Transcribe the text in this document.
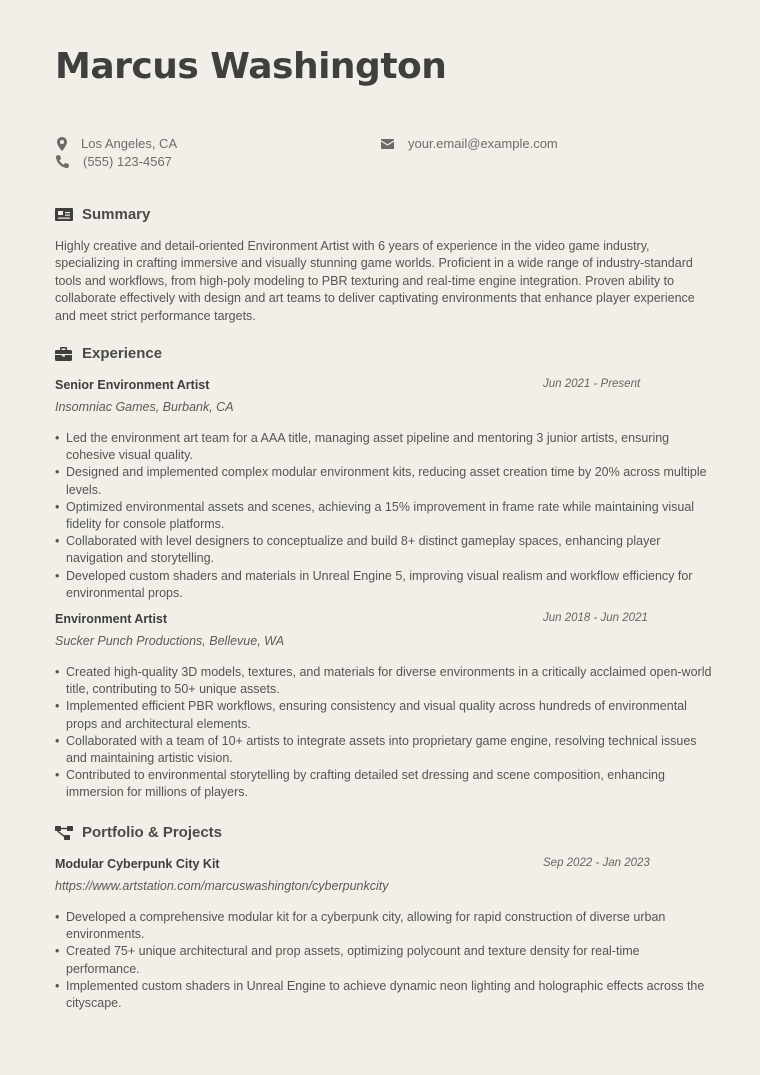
Marcus Washington
Los Angeles, CA
(555) 123-4567
your.email@example.com
Summary
Highly creative and detail-oriented Environment Artist with 6 years of experience in the video game industry, specializing in crafting immersive and visually stunning game worlds. Proficient in a wide range of industry-standard tools and workflows, from high-poly modeling to PBR texturing and real-time engine integration. Proven ability to collaborate effectively with design and art teams to deliver captivating environments that enhance player experience and meet strict performance targets.
Experience
Senior Environment Artist	Jun 2021 - Present
Insomniac Games, Burbank, CA
• Led the environment art team for a AAA title, managing asset pipeline and mentoring 3 junior artists, ensuring cohesive visual quality.
• Designed and implemented complex modular environment kits, reducing asset creation time by 20% across multiple levels.
• Optimized environmental assets and scenes, achieving a 15% improvement in frame rate while maintaining visual fidelity for console platforms.
• Collaborated with level designers to conceptualize and build 8+ distinct gameplay spaces, enhancing player navigation and storytelling.
• Developed custom shaders and materials in Unreal Engine 5, improving visual realism and workflow efficiency for environmental props.
Environment Artist	Jun 2018 - Jun 2021
Sucker Punch Productions, Bellevue, WA
• Created high-quality 3D models, textures, and materials for diverse environments in a critically acclaimed open-world title, contributing to 50+ unique assets.
• Implemented efficient PBR workflows, ensuring consistency and visual quality across hundreds of environmental props and architectural elements.
• Collaborated with a team of 10+ artists to integrate assets into proprietary game engine, resolving technical issues and maintaining artistic vision.
• Contributed to environmental storytelling by crafting detailed set dressing and scene composition, enhancing immersion for millions of players.
Portfolio & Projects
Modular Cyberpunk City Kit	Sep 2022 - Jan 2023
https://www.artstation.com/marcuswashington/cyberpunkcity
• Developed a comprehensive modular kit for a cyberpunk city, allowing for rapid construction of diverse urban environments.
• Created 75+ unique architectural and prop assets, optimizing polycount and texture density for real-time performance.
• Implemented custom shaders in Unreal Engine to achieve dynamic neon lighting and holographic effects across the cityscape.
